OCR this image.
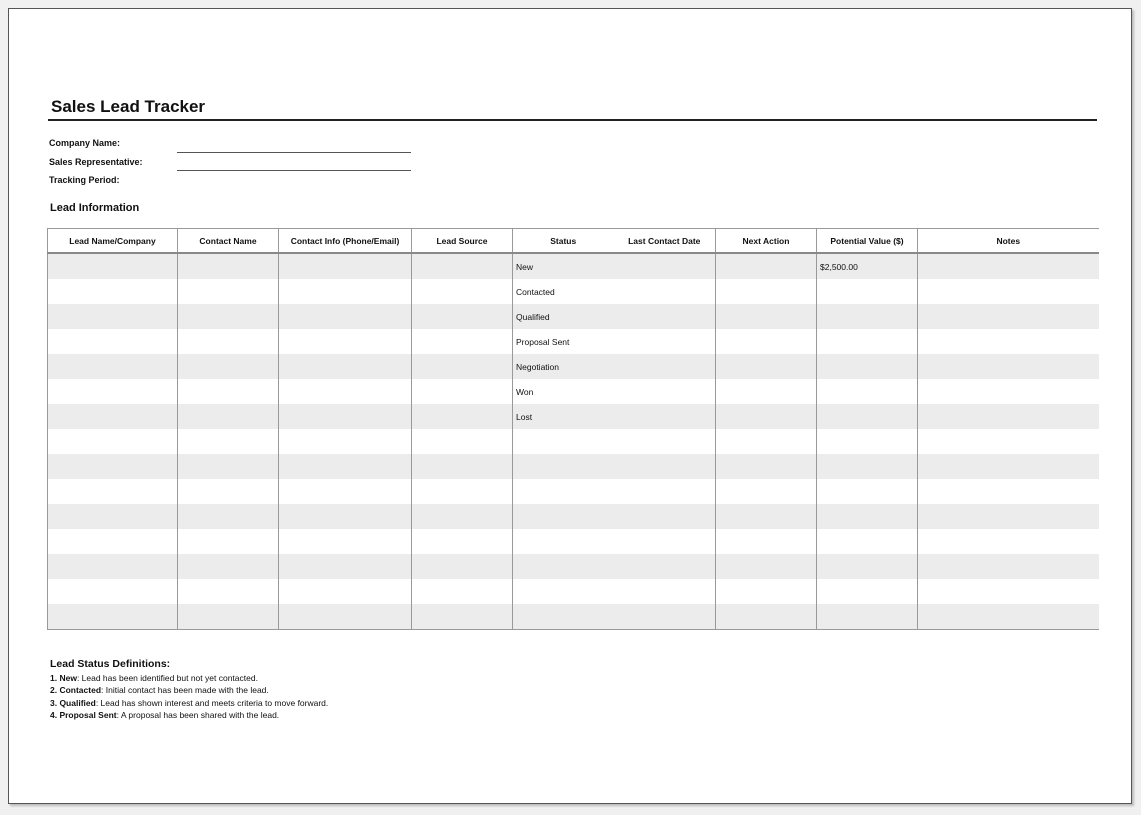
Sales Lead Tracker
Company Name:
Sales Representative:
Tracking Period:
Lead Information
Lead Name/Company	Contact Name	Contact Info (Phone/Email)	Lead Source	Status	Last Contact Date	Next Action	Potential Value ($)	Notes
				New			$2,500.00	
				Contacted				
				Qualified				
				Proposal Sent				
				Negotiation				
				Won				
				Lost				

Lead Status Definitions:
1. New: Lead has been identified but not yet contacted.
2. Contacted: Initial contact has been made with the lead.
3. Qualified: Lead has shown interest and meets criteria to move forward.
4. Proposal Sent: A proposal has been shared with the lead.
